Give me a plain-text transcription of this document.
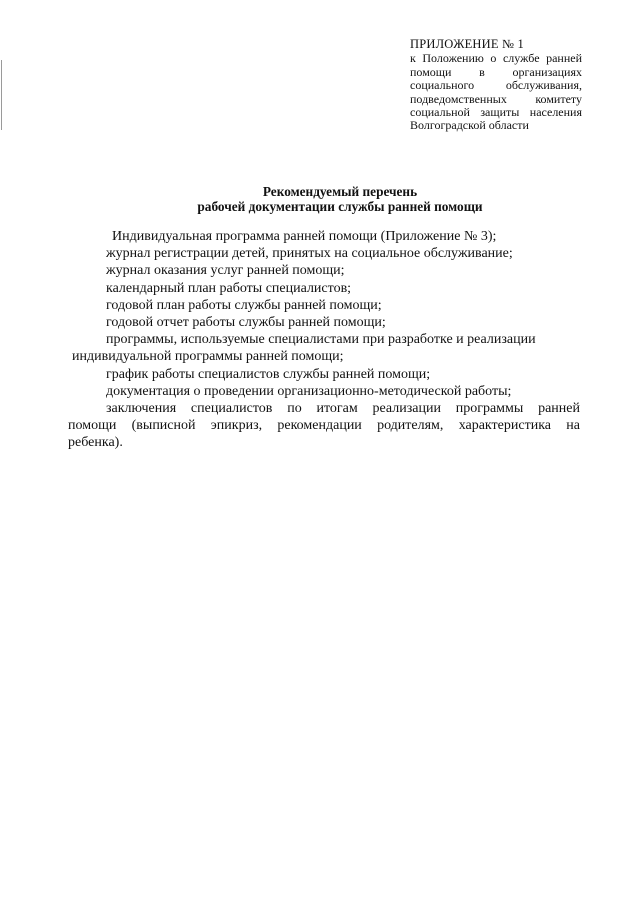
ПРИЛОЖЕНИЕ № 1
к Положению о службе ранней
помощи в организациях
социального обслуживания,
подведомственных комитету
социальной защиты населения
Волгоградской области
Рекомендуемый перечень
рабочей документации службы ранней помощи
Индивидуальная программа ранней помощи (Приложение № 3);
журнал регистрации детей, принятых на социальное обслуживание;
журнал оказания услуг ранней помощи;
календарный план работы специалистов;
годовой план работы службы ранней помощи;
годовой отчет работы службы ранней помощи;
программы, используемые специалистами при разработке и реализации
индивидуальной программы ранней помощи;
график работы специалистов службы ранней помощи;
документация о проведении организационно-методической работы;
заключения специалистов по итогам реализации программы ранней
помощи (выписной эпикриз, рекомендации родителям, характеристика на
ребенка).
